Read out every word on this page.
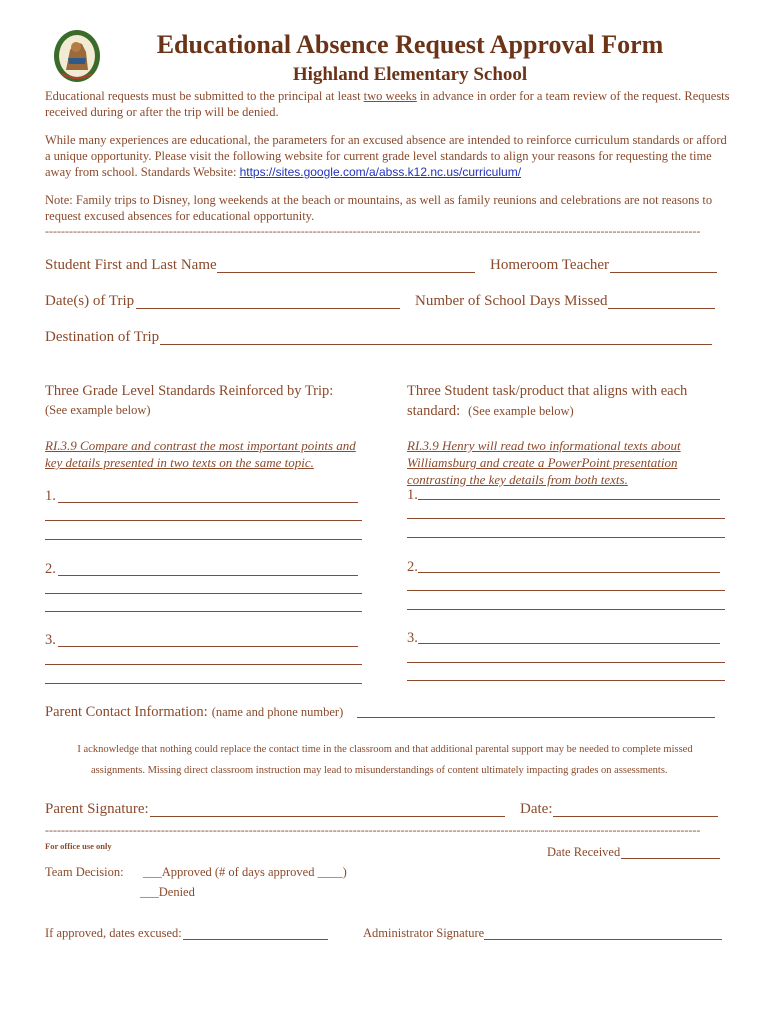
Educational Absence Request Approval Form
Highland Elementary School
Educational requests must be submitted to the principal at least two weeks in advance in order for a team review of the request. Requests received during or after the trip will be denied.
While many experiences are educational, the parameters for an excused absence are intended to reinforce curriculum standards or afford a unique opportunity. Please visit the following website for current grade level standards to align your reasons for requesting the time away from school. Standards Website: https://sites.google.com/a/abss.k12.nc.us/curriculum/
Note: Family trips to Disney, long weekends at the beach or mountains, as well as family reunions and celebrations are not reasons to request excused absences for educational opportunity.
--------------------------------------------------------------------------------------------------------------------------------------------------------------------
Student First and Last Name	Homeroom Teacher
Date(s) of Trip	Number of School Days Missed
Destination of Trip
Three Grade Level Standards Reinforced by Trip:
(See example below)
Three Student task/product that aligns with each
standard: (See example below)
RI.3.9 Compare and contrast the most important points and key details presented in two texts on the same topic.
RI.3.9 Henry will read two informational texts about Williamsburg and create a PowerPoint presentation contrasting the key details from both texts.
1.
2.
3.
1.
2.
3.
Parent Contact Information: (name and phone number)
I acknowledge that nothing could replace the contact time in the classroom and that additional parental support may be needed to complete missed
assignments. Missing direct classroom instruction may lead to misunderstandings of content ultimately impacting grades on assessments.
Parent Signature:	Date:
--------------------------------------------------------------------------------------------------------------------------------------------------------------------
For office use only	Date Received
Team Decision: ___Approved (# of days approved ____)
___Denied
If approved, dates excused:	Administrator Signature
